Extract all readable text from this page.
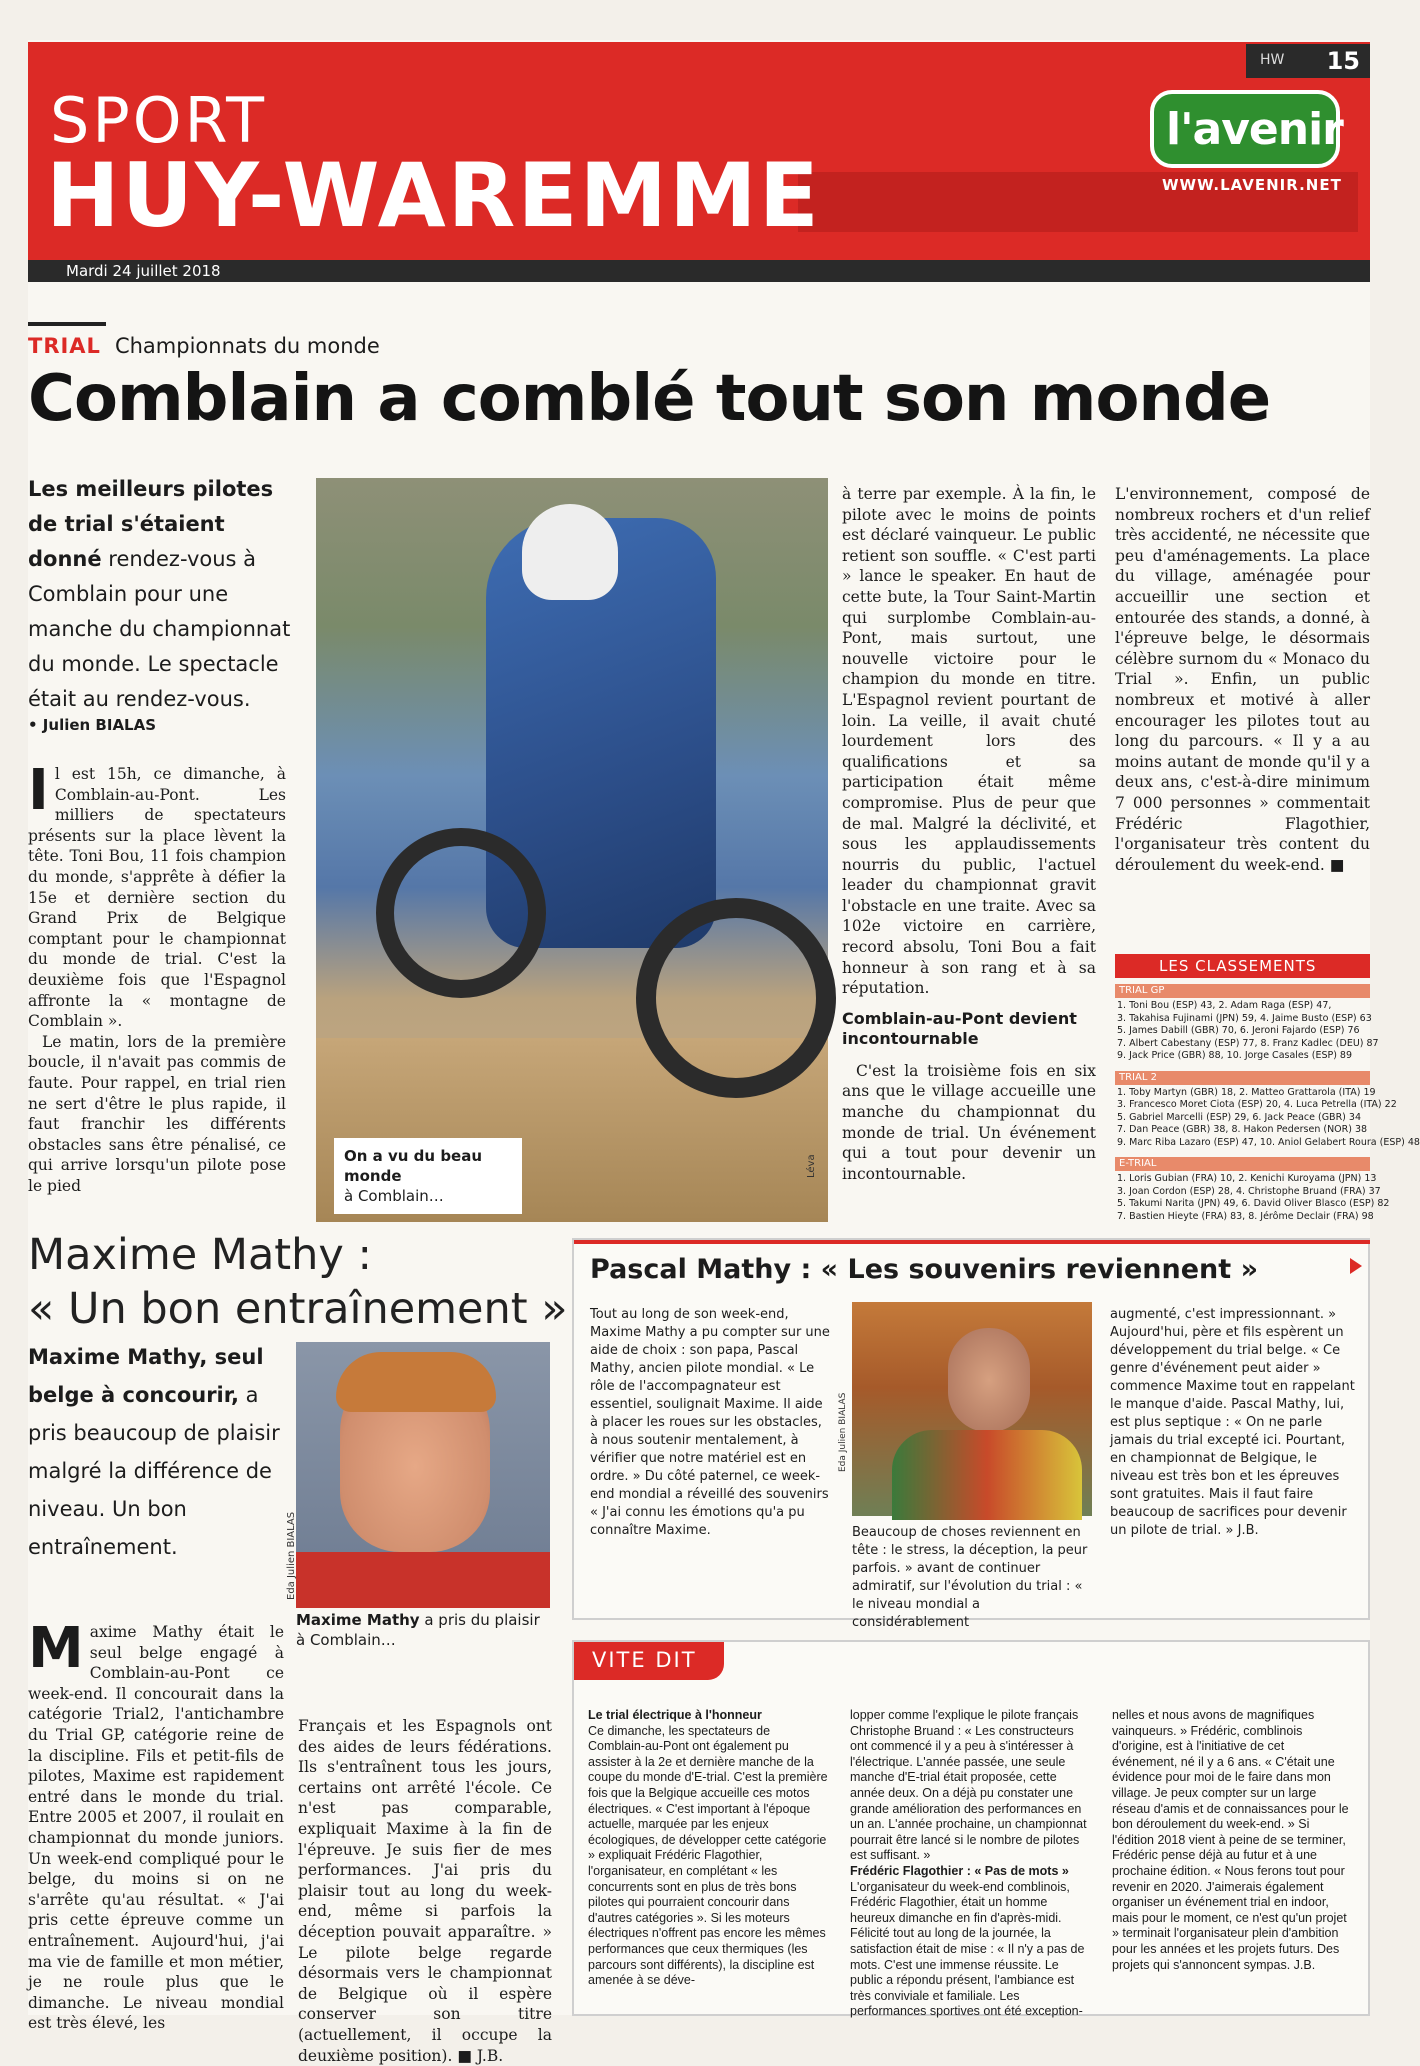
SPORT
HUY-WAREMME
HW 15
l'avenir
WWW.LAVENIR.NET
Mardi 24 juillet 2018
TRIAL Championnats du monde
Comblain a comblé tout son monde
Les meilleurs pilotes de trial s'étaient donné rendez-vous à Comblain pour une manche du championnat du monde. Le spectacle était au rendez-vous.
• Julien BIALAS

Il est 15h, ce dimanche, à Comblain-au-Pont. Les milliers de spectateurs présents sur la place lèvent la tête. Toni Bou, 11 fois champion du monde, s'apprête à défier la 15e et dernière section du Grand Prix de Belgique comptant pour le championnat du monde de trial. C'est la deuxième fois que l'Espagnol affronte la « montagne de Comblain ».

Le matin, lors de la première boucle, il n'avait pas commis de faute. Pour rappel, en trial rien ne sert d'être le plus rapide, il faut franchir les différents obstacles sans être pénalisé, ce qui arrive lorsqu'un pilote pose le pied

On a vu du beau monde
à Comblain…
Léva

à terre par exemple. À la fin, le pilote avec le moins de points est déclaré vainqueur. Le public retient son souffle. « C'est parti » lance le speaker. En haut de cette bute, la Tour Saint-Martin qui surplombe Comblain-au-Pont, mais surtout, une nouvelle victoire pour le champion du monde en titre. L'Espagnol revient pourtant de loin. La veille, il avait chuté lourdement lors des qualifications et sa participation était même compromise. Plus de peur que de mal. Malgré la déclivité, et sous les applaudissements nourris du public, l'actuel leader du championnat gravit l'obstacle en une traite. Avec sa 102e victoire en carrière, record absolu, Toni Bou a fait honneur à son rang et à sa réputation.

Comblain-au-Pont devient incontournable

C'est la troisième fois en six ans que le village accueille une manche du championnat du monde de trial. Un événement qui a tout pour devenir un incontournable.

L'environnement, composé de nombreux rochers et d'un relief très accidenté, ne nécessite que peu d'aménagements. La place du village, aménagée pour accueillir une section et entourée des stands, a donné, à l'épreuve belge, le désormais célèbre surnom du « Monaco du Trial ». Enfin, un public nombreux et motivé à aller encourager les pilotes tout au long du parcours. « Il y a au moins autant de monde qu'il y a deux ans, c'est-à-dire minimum 7 000 personnes » commentait Frédéric Flagothier, l'organisateur très content du déroulement du week-end. ■

LES CLASSEMENTS
TRIAL GP
1. Toni Bou (ESP) 43, 2. Adam Raga (ESP) 47,
3. Takahisa Fujinami (JPN) 59, 4. Jaime Busto (ESP) 63
5. James Dabill (GBR) 70, 6. Jeroni Fajardo (ESP) 76
7. Albert Cabestany (ESP) 77, 8. Franz Kadlec (DEU) 87
9. Jack Price (GBR) 88, 10. Jorge Casales (ESP) 89
TRIAL 2
1. Toby Martyn (GBR) 18, 2. Matteo Grattarola (ITA) 19
3. Francesco Moret Ciota (ESP) 20, 4. Luca Petrella (ITA) 22
5. Gabriel Marcelli (ESP) 29, 6. Jack Peace (GBR) 34
7. Dan Peace (GBR) 38, 8. Hakon Pedersen (NOR) 38
9. Marc Riba Lazaro (ESP) 47, 10. Aniol Gelabert Roura (ESP) 48
E-TRIAL
1. Loris Gubian (FRA) 10, 2. Kenichi Kuroyama (JPN) 13
3. Joan Cordon (ESP) 28, 4. Christophe Bruand (FRA) 37
5. Takumi Narita (JPN) 49, 6. David Oliver Blasco (ESP) 82
7. Bastien Hieyte (FRA) 83, 8. Jérôme Declair (FRA) 98
Maxime Mathy :
« Un bon entraînement »
Maxime Mathy, seul belge à concourir, a pris beaucoup de plaisir malgré la différence de niveau. Un bon entraînement.	Eda Julien BIALAS
Maxime Mathy a pris du plaisir à Comblain…
Maxime Mathy était le seul belge engagé à Comblain-au-Pont ce week-end. Il concourait dans la catégorie Trial2, l'antichambre du Trial GP, catégorie reine de la discipline. Fils et petit-fils de pilotes, Maxime est rapidement entré dans le monde du trial. Entre 2005 et 2007, il roulait en championnat du monde juniors. Un week-end compliqué pour le belge, du moins si on ne s'arrête qu'au résultat. « J'ai pris cette épreuve comme un entraînement. Aujourd'hui, j'ai ma vie de famille et mon métier, je ne roule plus que le dimanche. Le niveau mondial est très élevé, les

Français et les Espagnols ont des aides de leurs fédérations. Ils s'entraînent tous les jours, certains ont arrêté l'école. Ce n'est pas comparable, expliquait Maxime à la fin de l'épreuve. Je suis fier de mes performances. J'ai pris du plaisir tout au long du week-end, même si parfois la déception pouvait apparaître. » Le pilote belge regarde désormais vers le championnat de Belgique où il espère conserver son titre (actuellement, il occupe la deuxième position). ■ J.B.

Pascal Mathy : « Les souvenirs reviennent »
Tout au long de son week-end, Maxime Mathy a pu compter sur une aide de choix : son papa, Pascal Mathy, ancien pilote mondial. « Le rôle de l'accompagnateur est essentiel, soulignait Maxime. Il aide à placer les roues sur les obstacles, à nous soutenir mentalement, à vérifier que notre matériel est en ordre. » Du côté paternel, ce week-end mondial a réveillé des souvenirs « J'ai connu les émotions qu'a pu connaître Maxime.
Eda Julien BIALAS
Beaucoup de choses reviennent en tête : le stress, la déception, la peur parfois. » avant de continuer admiratif, sur l'évolution du trial : « le niveau mondial a considérablement
augmenté, c'est impressionnant. » Aujourd'hui, père et fils espèrent un développement du trial belge. « Ce genre d'événement peut aider » commence Maxime tout en rappelant le manque d'aide. Pascal Mathy, lui, est plus septique : « On ne parle jamais du trial excepté ici. Pourtant, en championnat de Belgique, le niveau est très bon et les épreuves sont gratuites. Mais il faut faire beaucoup de sacrifices pour devenir un pilote de trial. » J.B.
VITE DIT
Le trial électrique à l'honneur
Ce dimanche, les spectateurs de Comblain-au-Pont ont également pu assister à la 2e et dernière manche de la coupe du monde d'E-trial. C'est la première fois que la Belgique accueille ces motos électriques. « C'est important à l'époque actuelle, marquée par les enjeux écologiques, de développer cette catégorie » expliquait Frédéric Flagothier, l'organisateur, en complétant « les concurrents sont en plus de très bons pilotes qui pourraient concourir dans d'autres catégories ». Si les moteurs électriques n'offrent pas encore les mêmes performances que ceux thermiques (les parcours sont différents), la discipline est amenée à se déve-
lopper comme l'explique le pilote français Christophe Bruand : « Les constructeurs ont commencé il y a peu à s'intéresser à l'électrique. L'année passée, une seule manche d'E-trial était proposée, cette année deux. On a déjà pu constater une grande amélioration des performances en un an. L'année prochaine, un championnat pourrait être lancé si le nombre de pilotes est suffisant. »
Frédéric Flagothier : « Pas de mots »
L'organisateur du week-end comblinois, Frédéric Flagothier, était un homme heureux dimanche en fin d'après-midi. Félicité tout au long de la journée, la satisfaction était de mise : « Il n'y a pas de mots. C'est une immense réussite. Le public a répondu présent, l'ambiance est très conviviale et familiale. Les performances sportives ont été exception-
nelles et nous avons de magnifiques vainqueurs. » Frédéric, comblinois d'origine, est à l'initiative de cet événement, né il y a 6 ans. « C'était une évidence pour moi de le faire dans mon village. Je peux compter sur un large réseau d'amis et de connaissances pour le bon déroulement du week-end. » Si l'édition 2018 vient à peine de se terminer, Frédéric pense déjà au futur et à une prochaine édition. « Nous ferons tout pour revenir en 2020. J'aimerais également organiser un événement trial en indoor, mais pour le moment, ce n'est qu'un projet » terminait l'organisateur plein d'ambition pour les années et les projets futurs. Des projets qui s'annoncent sympas. J.B.
